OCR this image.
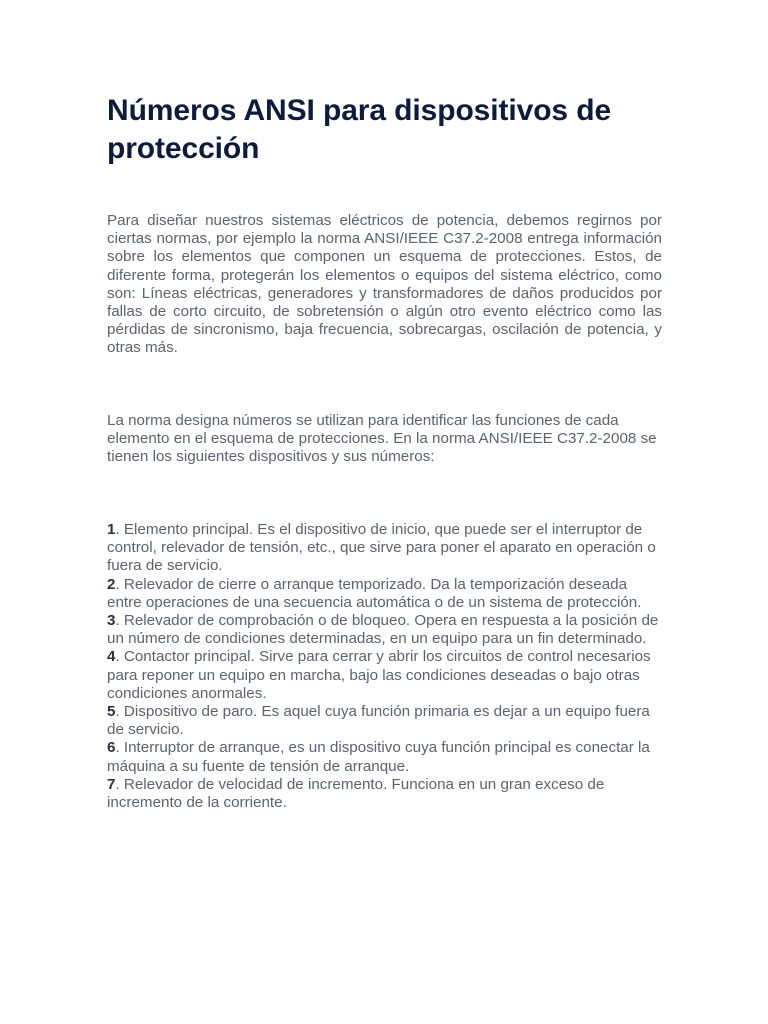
Números ANSI para dispositivos de protección

Para diseñar nuestros sistemas eléctricos de potencia, debemos regirnos por ciertas normas, por ejemplo la norma ANSI/IEEE C37.2-2008 entrega información sobre los elementos que componen un esquema de protecciones. Estos, de diferente forma, protegerán los elementos o equipos del sistema eléctrico, como son: Líneas eléctricas, generadores y transformadores de daños producidos por fallas de corto circuito, de sobretensión o algún otro evento eléctrico como las pérdidas de sincronismo, baja frecuencia, sobrecargas, oscilación de potencia, y otras más.

La norma designa números se utilizan para identificar las funciones de cada elemento en el esquema de protecciones. En la norma ANSI/IEEE C37.2-2008 se tienen los siguientes dispositivos y sus números:

1. Elemento principal. Es el dispositivo de inicio, que puede ser el interruptor de control, relevador de tensión, etc., que sirve para poner el aparato en operación o fuera de servicio.
2. Relevador de cierre o arranque temporizado. Da la temporización deseada entre operaciones de una secuencia automática o de un sistema de protección.
3. Relevador de comprobación o de bloqueo. Opera en respuesta a la posición de un número de condiciones determinadas, en un equipo para un fin determinado.
4. Contactor principal. Sirve para cerrar y abrir los circuitos de control necesarios para reponer un equipo en marcha, bajo las condiciones deseadas o bajo otras condiciones anormales.
5. Dispositivo de paro. Es aquel cuya función primaria es dejar a un equipo fuera de servicio.
6. Interruptor de arranque, es un dispositivo cuya función principal es conectar la máquina a su fuente de tensión de arranque.
7. Relevador de velocidad de incremento. Funciona en un gran exceso de incremento de la corriente.
